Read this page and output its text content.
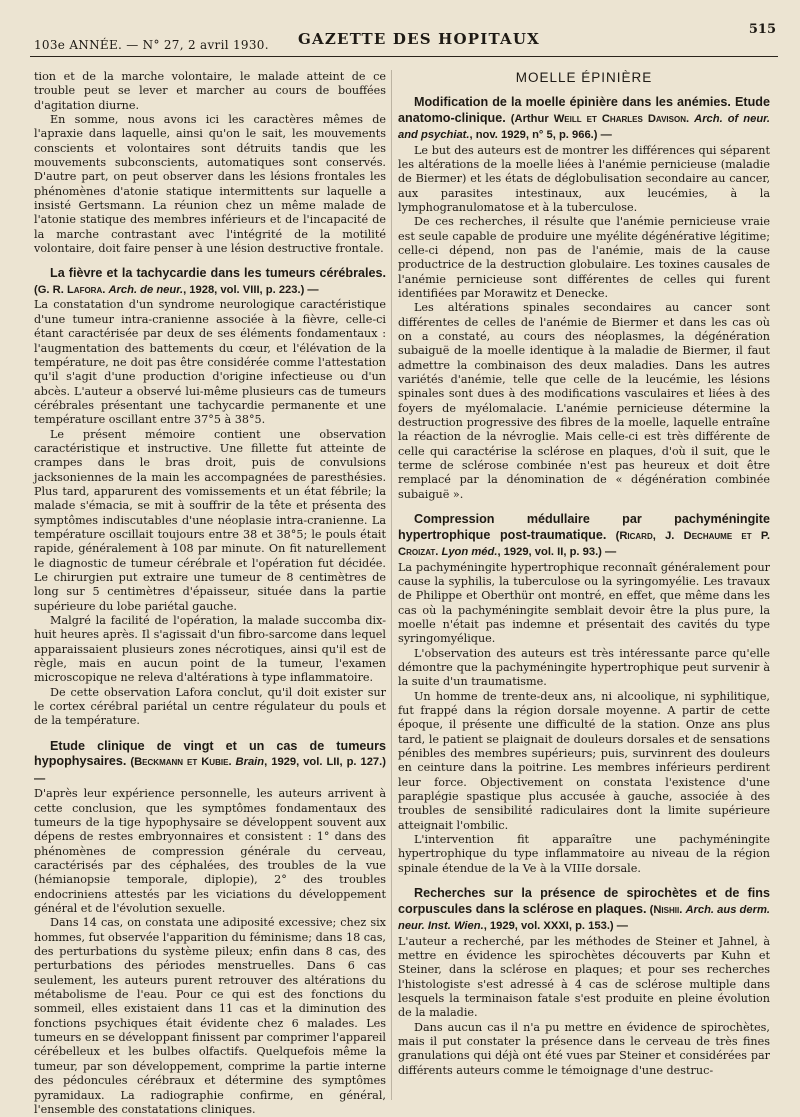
103e ANNÉE. — N° 27, 2 avril 1930. GAZETTE DES HOPITAUX
515

tion et de la marche volontaire, le malade atteint de ce trouble peut se lever et marcher au cours de bouffées d'agitation diurne.

En somme, nous avons ici les caractères mêmes de l'apraxie dans laquelle, ainsi qu'on le sait, les mouvements conscients et volontaires sont détruits tandis que les mouvements subconscients, automatiques sont conservés. D'autre part, on peut observer dans les lésions frontales les phénomènes d'atonie statique intermittents sur laquelle a insisté Gertsmann. La réunion chez un même malade de l'atonie statique des membres inférieurs et de l'incapacité de la marche contrastant avec l'intégrité de la motilité volontaire, doit faire penser à une lésion destructive frontale.

La fièvre et la tachycardie dans les tumeurs cérébrales.(G. R. Lafora. Arch. de neur., 1928, vol. VIII, p. 223.) —

La constatation d'un syndrome neurologique caractéristique d'une tumeur intra-cranienne associée à la fièvre, celle-ci étant caractérisée par deux de ses éléments fondamentaux : l'augmentation des battements du cœur, et l'élévation de la température, ne doit pas être considérée comme l'attestation qu'il s'agit d'une production d'origine infectieuse ou d'un abcès. L'auteur a observé lui-même plusieurs cas de tumeurs cérébrales présentant une tachycardie permanente et une température oscillant entre 37°5 à 38°5.

Le présent mémoire contient une observation caractéristique et instructive. Une fillette fut atteinte de crampes dans le bras droit, puis de convulsions jacksoniennes de la main les accompagnées de paresthésies. Plus tard, apparurent des vomissements et un état fébrile; la malade s'émacia, se mit à souffrir de la tête et présenta des symptômes indiscutables d'une néoplasie intra-cranienne. La température oscillait toujours entre 38 et 38°5; le pouls était rapide, généralement à 108 par minute. On fit naturellement le diagnostic de tumeur cérébrale et l'opération fut décidée. Le chirurgien put extraire une tumeur de 8 centimètres de long sur 5 centimètres d'épaisseur, située dans la partie supérieure du lobe pariétal gauche.

Malgré la facilité de l'opération, la malade succomba dix-huit heures après. Il s'agissait d'un fibro-sarcome dans lequel apparaissaient plusieurs zones nécrotiques, ainsi qu'il est de règle, mais en aucun point de la tumeur, l'examen microscopique ne releva d'altérations à type inflammatoire.

De cette observation Lafora conclut, qu'il doit exister sur le cortex cérébral pariétal un centre régulateur du pouls et de la température.

Etude clinique de vingt et un cas de tumeurs hypophysaires. (Beckmann et Kubie. Brain, 1929, vol. LII, p. 127.) —

D'après leur expérience personnelle, les auteurs arrivent à cette conclusion, que les symptômes fondamentaux des tumeurs de la tige hypophysaire se développent souvent aux dépens de restes embryonnaires et consistent : 1° dans des phénomènes de compression générale du cerveau, caractérisés par des céphalées, des troubles de la vue (hémianopsie temporale, diplopie), 2° des troubles endocriniens attestés par les viciations du développement général et de l'évolution sexuelle.

Dans 14 cas, on constata une adiposité excessive; chez six hommes, fut observée l'apparition du féminisme; dans 18 cas, des perturbations du système pileux; enfin dans 8 cas, des perturbations des périodes menstruelles. Dans 6 cas seulement, les auteurs purent retrouver des altérations du métabolisme de l'eau. Pour ce qui est des fonctions du sommeil, elles existaient dans 11 cas et la diminution des fonctions psychiques était évidente chez 6 malades. Les tumeurs en se développant finissent par comprimer l'appareil cérébelleux et les bulbes olfactifs. Quelquefois même la tumeur, par son développement, comprime la partie interne des pédoncules cérébraux et détermine des symptômes pyramidaux. La radiographie confirme, en général, l'ensemble des constatations cliniques.

MOELLE ÉPINIÈRE
Modification de la moelle épinière dans les anémies. Etude anatomo-clinique. (Arthur Weill et Charles Davison. Arch. of neur. and psychiat., nov. 1929, n° 5, p. 966.) —

Le but des auteurs est de montrer les différences qui séparent les altérations de la moelle liées à l'anémie pernicieuse (maladie de Biermer) et les états de déglobulisation secondaire au cancer, aux parasites intestinaux, aux leucémies, à la lymphogranulomatose et à la tuberculose.

De ces recherches, il résulte que l'anémie pernicieuse vraie est seule capable de produire une myélite dégénérative légitime; celle-ci dépend, non pas de l'anémie, mais de la cause productrice de la destruction globulaire. Les toxines causales de l'anémie pernicieuse sont différentes de celles qui furent identifiées par Morawitz et Denecke.

Les altérations spinales secondaires au cancer sont différentes de celles de l'anémie de Biermer et dans les cas où on a constaté, au cours des néoplasmes, la dégénération subaiguë de la moelle identique à la maladie de Biermer, il faut admettre la combinaison des deux maladies. Dans les autres variétés d'anémie, telle que celle de la leucémie, les lésions spinales sont dues à des modifications vasculaires et liées à des foyers de myélomalacie. L'anémie pernicieuse détermine la destruction progressive des fibres de la moelle, laquelle entraîne la réaction de la névroglie. Mais celle-ci est très différente de celle qui caractérise la sclérose en plaques, d'où il suit, que le terme de sclérose combinée n'est pas heureux et doit être remplacé par la dénomination de « dégénération combinée subaiguë ».

Compression médullaire par pachyméningite hypertrophique post-traumatique. (Ricard, J. Dechaume et P. Croizat. Lyon méd., 1929, vol. II, p. 93.) —

La pachyméningite hypertrophique reconnaît généralement pour cause la syphilis, la tuberculose ou la syringomyélie. Les travaux de Philippe et Oberthür ont montré, en effet, que même dans les cas où la pachyméningite semblait devoir être la plus pure, la moelle n'était pas indemne et présentait des cavités du type syringomyélique.

L'observation des auteurs est très intéressante parce qu'elle démontre que la pachyméningite hypertrophique peut survenir à la suite d'un traumatisme.

Un homme de trente-deux ans, ni alcoolique, ni syphilitique, fut frappé dans la région dorsale moyenne. A partir de cette époque, il présente une difficulté de la station. Onze ans plus tard, le patient se plaignait de douleurs dorsales et de sensations pénibles des membres supérieurs; puis, survinrent des douleurs en ceinture dans la poitrine. Les membres inférieurs perdirent leur force. Objectivement on constata l'existence d'une paraplégie spastique plus accusée à gauche, associée à des troubles de sensibilité radiculaires dont la limite supérieure atteignait l'ombilic.

L'intervention fit apparaître une pachyméningite hypertrophique du type inflammatoire au niveau de la région spinale étendue de la Ve à la VIIIe dorsale.

Recherches sur la présence de spirochètes et de fins corpuscules dans la sclérose en plaques. (Nishii. Arch. aus derm. neur. Inst. Wien., 1929, vol. XXXI, p. 153.) —

L'auteur a recherché, par les méthodes de Steiner et Jahnel, à mettre en évidence les spirochètes découverts par Kuhn et Steiner, dans la sclérose en plaques; et pour ses recherches l'histologiste s'est adressé à 4 cas de sclérose multiple dans lesquels la terminaison fatale s'est produite en pleine évolution de la maladie.

Dans aucun cas il n'a pu mettre en évidence de spirochètes, mais il put constater la présence dans le cerveau de très fines granulations qui déjà ont été vues par Steiner et considérées par différents auteurs comme le témoignage d'une destruc-
